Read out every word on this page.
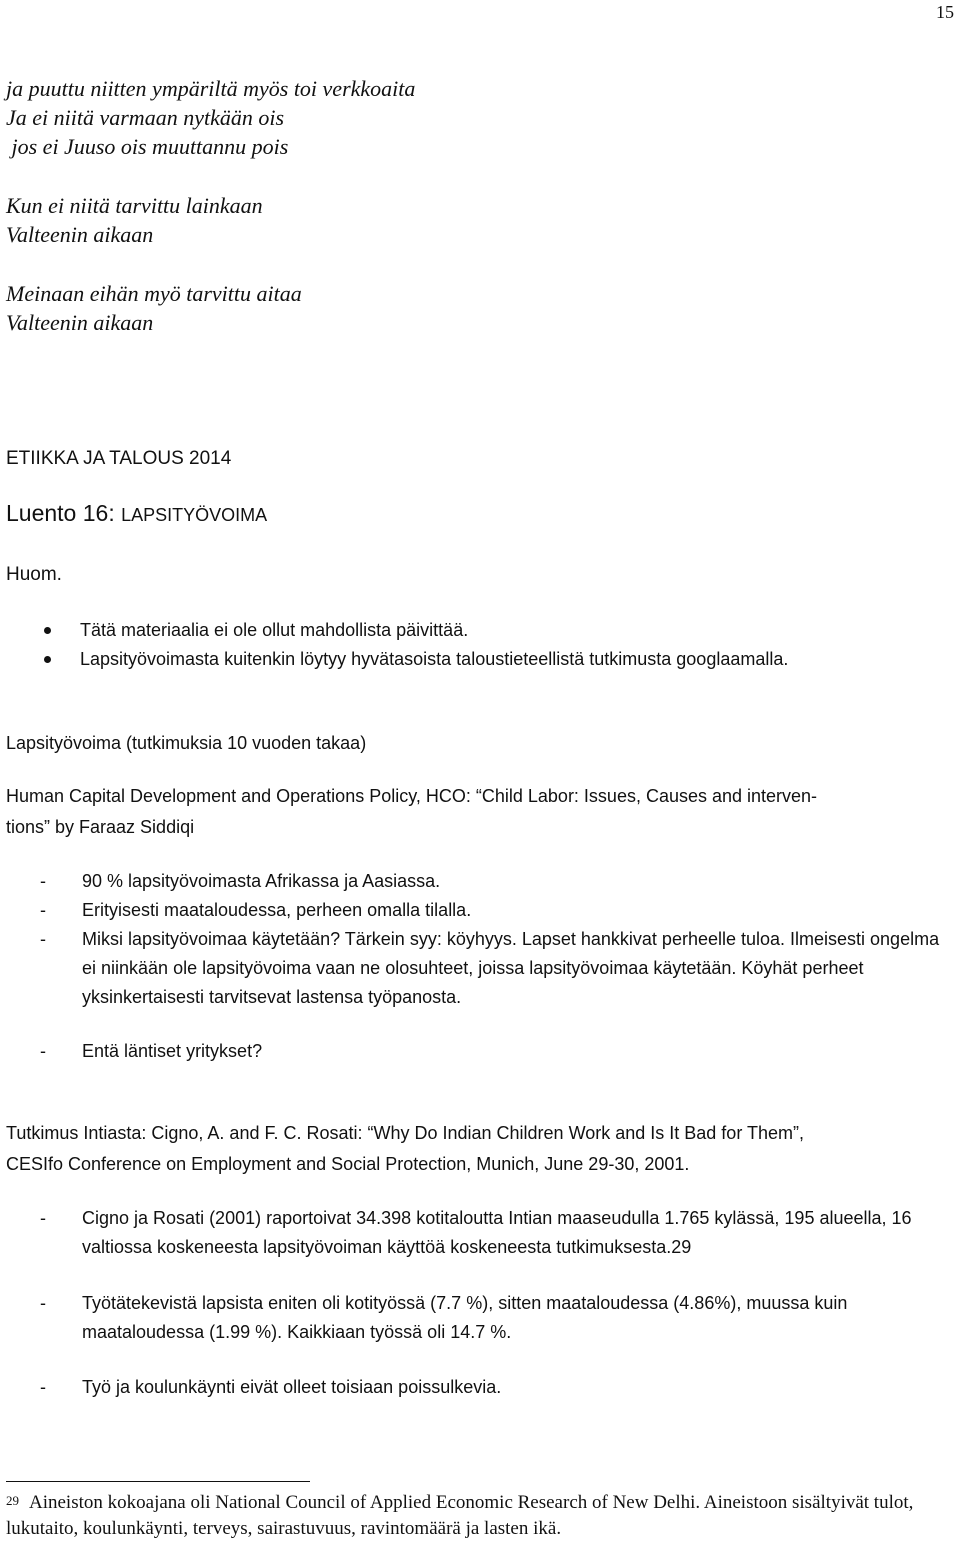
15
ja puuttu niitten ympäriltä myös toi verkkoaita
Ja ei niitä varmaan nytkään ois
jos ei Juuso ois muuttannu pois
Kun ei niitä tarvittu lainkaan
Valteenin aikaan
Meinaan eihän myö tarvittu aitaa
Valteenin aikaan
ETIIKKA JA TALOUS 2014
Luento 16: LAPSITYÖVOIMA
Huom.
Tätä materiaalia ei ole ollut mahdollista päivittää.
Lapsityövoimasta kuitenkin löytyy hyvätasoista taloustieteellistä tutkimusta googlaamalla.
Lapsityövoima (tutkimuksia 10 vuoden takaa)
Human Capital Development and Operations Policy, HCO: “Child Labor: Issues, Causes and interven-
tions” by Faraaz Siddiqi
-	90 % lapsityövoimasta Afrikassa ja Aasiassa.
-	Erityisesti maataloudessa, perheen omalla tilalla.
-	Miksi lapsityövoimaa käytetään? Tärkein syy: köyhyys. Lapset hankkivat perheelle tuloa. Ilmeisesti ongelma ei niinkään ole lapsityövoima vaan ne olosuhteet, joissa lapsityövoimaa käytetään. Köyhät perheet yksinkertaisesti tarvitsevat lastensa työpanosta.
-	Entä läntiset yritykset?
Tutkimus Intiasta: Cigno, A. and F. C. Rosati: “Why Do Indian Children Work and Is It Bad for Them”,
CESIfo Conference on Employment and Social Protection, Munich, June 29-30, 2001.
-	Cigno ja Rosati (2001) raportoivat 34.398 kotitaloutta Intian maaseudulla 1.765 kylässä, 195 alueella, 16 valtiossa koskeneesta lapsityövoiman käyttöä koskeneesta tutkimuksesta.29
-	Työtätekevistä lapsista eniten oli kotityössä (7.7 %), sitten maataloudessa (4.86%), muussa kuin maataloudessa (1.99 %). Kaikkiaan työssä oli 14.7 %.
-	Työ ja koulunkäynti eivät olleet toisiaan poissulkevia.
$^{29}$ Aineiston kokoajana oli National Council of Applied Economic Research of New Delhi. Aineistoon sisältyivät tulot, lukutaito, koulunkäynti, terveys, sairastuvuus, ravintomäärä ja lasten ikä.
